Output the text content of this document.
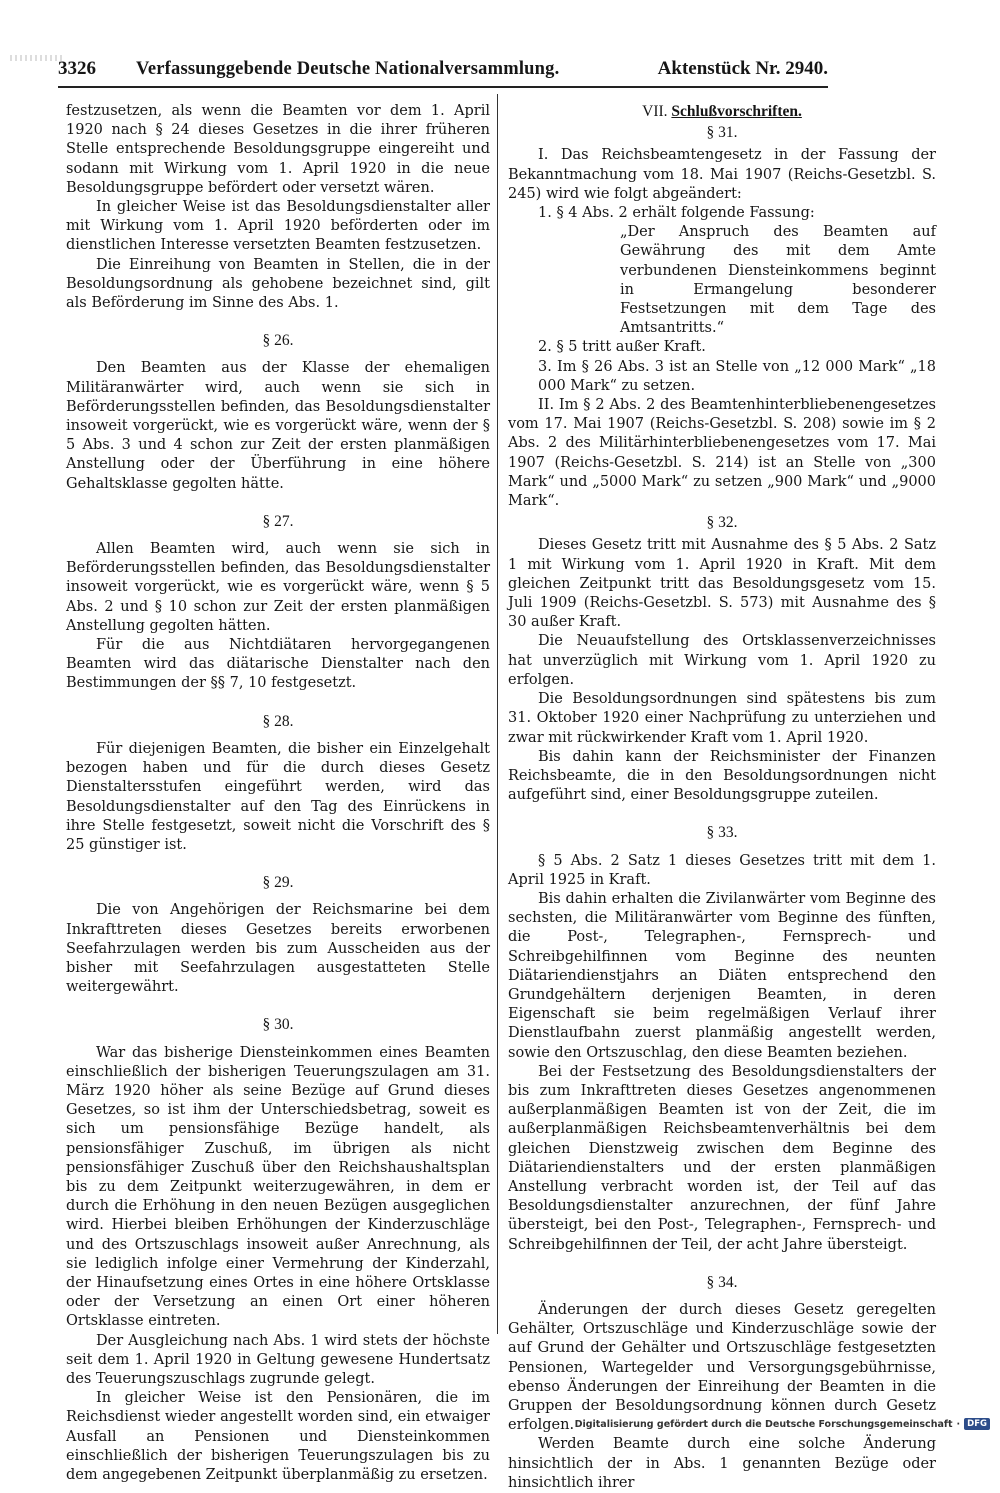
3326	Verfassunggebende Deutsche Nationalversammlung.	Aktenstück Nr. 2940.

festzusetzen, als wenn die Beamten vor dem 1. April 1920 nach § 24 dieses Gesetzes in die ihrer früheren Stelle entsprechende Besoldungsgruppe eingereiht und sodann mit Wirkung vom 1. April 1920 in die neue Besoldungsgruppe befördert oder versetzt wären.

In gleicher Weise ist das Besoldungsdienstalter aller mit Wirkung vom 1. April 1920 beförderten oder im dienstlichen Interesse versetzten Beamten festzusetzen.

Die Einreihung von Beamten in Stellen, die in der Besoldungsordnung als gehobene bezeichnet sind, gilt als Beförderung im Sinne des Abs. 1.

§ 26.

Den Beamten aus der Klasse der ehemaligen Militäranwärter wird, auch wenn sie sich in Beförderungsstellen befinden, das Besoldungsdienstalter insoweit vorgerückt, wie es vorgerückt wäre, wenn der § 5 Abs. 3 und 4 schon zur Zeit der ersten planmäßigen Anstellung oder der Überführung in eine höhere Gehaltsklasse gegolten hätte.

§ 27.

Allen Beamten wird, auch wenn sie sich in Beförderungsstellen befinden, das Besoldungsdienstalter insoweit vorgerückt, wie es vorgerückt wäre, wenn § 5 Abs. 2 und § 10 schon zur Zeit der ersten planmäßigen Anstellung gegolten hätten.

Für die aus Nichtdiätaren hervorgegangenen Beamten wird das diätarische Dienstalter nach den Bestimmungen der §§ 7, 10 festgesetzt.

§ 28.

Für diejenigen Beamten, die bisher ein Einzelgehalt bezogen haben und für die durch dieses Gesetz Dienstaltersstufen eingeführt werden, wird das Besoldungsdienstalter auf den Tag des Einrückens in ihre Stelle festgesetzt, soweit nicht die Vorschrift des § 25 günstiger ist.

§ 29.

Die von Angehörigen der Reichsmarine bei dem Inkrafttreten dieses Gesetzes bereits erworbenen Seefahrzulagen werden bis zum Ausscheiden aus der bisher mit Seefahrzulagen ausgestatteten Stelle weitergewährt.

§ 30.

War das bisherige Diensteinkommen eines Beamten einschließlich der bisherigen Teuerungszulagen am 31. März 1920 höher als seine Bezüge auf Grund dieses Gesetzes, so ist ihm der Unterschiedsbetrag, soweit es sich um pensionsfähige Bezüge handelt, als pensionsfähiger Zuschuß, im übrigen als nicht pensionsfähiger Zuschuß über den Reichshaushaltsplan bis zu dem Zeitpunkt weiterzugewähren, in dem er durch die Erhöhung in den neuen Bezügen ausgeglichen wird. Hierbei bleiben Erhöhungen der Kinderzuschläge und des Ortszuschlags insoweit außer Anrechnung, als sie lediglich infolge einer Vermehrung der Kinderzahl, der Hinaufsetzung eines Ortes in eine höhere Ortsklasse oder der Versetzung an einen Ort einer höheren Ortsklasse eintreten.

Der Ausgleichung nach Abs. 1 wird stets der höchste seit dem 1. April 1920 in Geltung gewesene Hundertsatz des Teuerungszuschlags zugrunde gelegt.

In gleicher Weise ist den Pensionären, die im Reichsdienst wieder angestellt worden sind, ein etwaiger Ausfall an Pensionen und Diensteinkommen einschließlich der bisherigen Teuerungszulagen bis zu dem angegebenen Zeitpunkt überplanmäßig zu ersetzen.

VII. Schlußvorschriften.
§ 31.

I. Das Reichsbeamtengesetz in der Fassung der Bekanntmachung vom 18. Mai 1907 (Reichs-Gesetzbl. S. 245) wird wie folgt abgeändert:

1. § 4 Abs. 2 erhält folgende Fassung:

„Der Anspruch des Beamten auf Gewährung des mit dem Amte verbundenen Diensteinkommens beginnt in Ermangelung besonderer Festsetzungen mit dem Tage des Amtsantritts.“

2. § 5 tritt außer Kraft.

3. Im § 26 Abs. 3 ist an Stelle von „12 000 Mark“ „18 000 Mark“ zu setzen.

II. Im § 2 Abs. 2 des Beamtenhinterbliebenengesetzes vom 17. Mai 1907 (Reichs-Gesetzbl. S. 208) sowie im § 2 Abs. 2 des Militärhinterbliebenengesetzes vom 17. Mai 1907 (Reichs-Gesetzbl. S. 214) ist an Stelle von „300 Mark“ und „5000 Mark“ zu setzen „900 Mark“ und „9000 Mark“.

§ 32.

Dieses Gesetz tritt mit Ausnahme des § 5 Abs. 2 Satz 1 mit Wirkung vom 1. April 1920 in Kraft. Mit dem gleichen Zeitpunkt tritt das Besoldungsgesetz vom 15. Juli 1909 (Reichs-Gesetzbl. S. 573) mit Ausnahme des § 30 außer Kraft.

Die Neuaufstellung des Ortsklassenverzeichnisses hat unverzüglich mit Wirkung vom 1. April 1920 zu erfolgen.

Die Besoldungsordnungen sind spätestens bis zum 31. Oktober 1920 einer Nachprüfung zu unterziehen und zwar mit rückwirkender Kraft vom 1. April 1920.

Bis dahin kann der Reichsminister der Finanzen Reichsbeamte, die in den Besoldungsordnungen nicht aufgeführt sind, einer Besoldungsgruppe zuteilen.

§ 33.

§ 5 Abs. 2 Satz 1 dieses Gesetzes tritt mit dem 1. April 1925 in Kraft.

Bis dahin erhalten die Zivilanwärter vom Beginne des sechsten, die Militäranwärter vom Beginne des fünften, die Post-, Telegraphen-, Fernsprech- und Schreibgehilfinnen vom Beginne des neunten Diätariendienstjahrs an Diäten entsprechend den Grundgehältern derjenigen Beamten, in deren Eigenschaft sie beim regelmäßigen Verlauf ihrer Dienstlaufbahn zuerst planmäßig angestellt werden, sowie den Ortszuschlag, den diese Beamten beziehen.

Bei der Festsetzung des Besoldungsdienstalters der bis zum Inkrafttreten dieses Gesetzes angenommenen außerplanmäßigen Beamten ist von der Zeit, die im außerplanmäßigen Reichsbeamtenverhältnis bei dem gleichen Dienstzweig zwischen dem Beginne des Diätariendienstalters und der ersten planmäßigen Anstellung verbracht worden ist, der Teil auf das Besoldungsdienstalter anzurechnen, der fünf Jahre übersteigt, bei den Post-, Telegraphen-, Fernsprech- und Schreibgehilfinnen der Teil, der acht Jahre übersteigt.

§ 34.

Änderungen der durch dieses Gesetz geregelten Gehälter, Ortszuschläge und Kinderzuschläge sowie der auf Grund der Gehälter und Ortszuschläge festgesetzten Pensionen, Wartegelder und Versorgungsgebührnisse, ebenso Änderungen der Einreihung der Beamten in die Gruppen der Besoldungsordnung können durch Gesetz erfolgen.

Werden Beamte durch eine solche Änderung hinsichtlich der in Abs. 1 genannten Bezüge oder hinsichtlich ihrer

Digitalisierung gefördert durch die Deutsche Forschungsgemeinschaft · DFG
